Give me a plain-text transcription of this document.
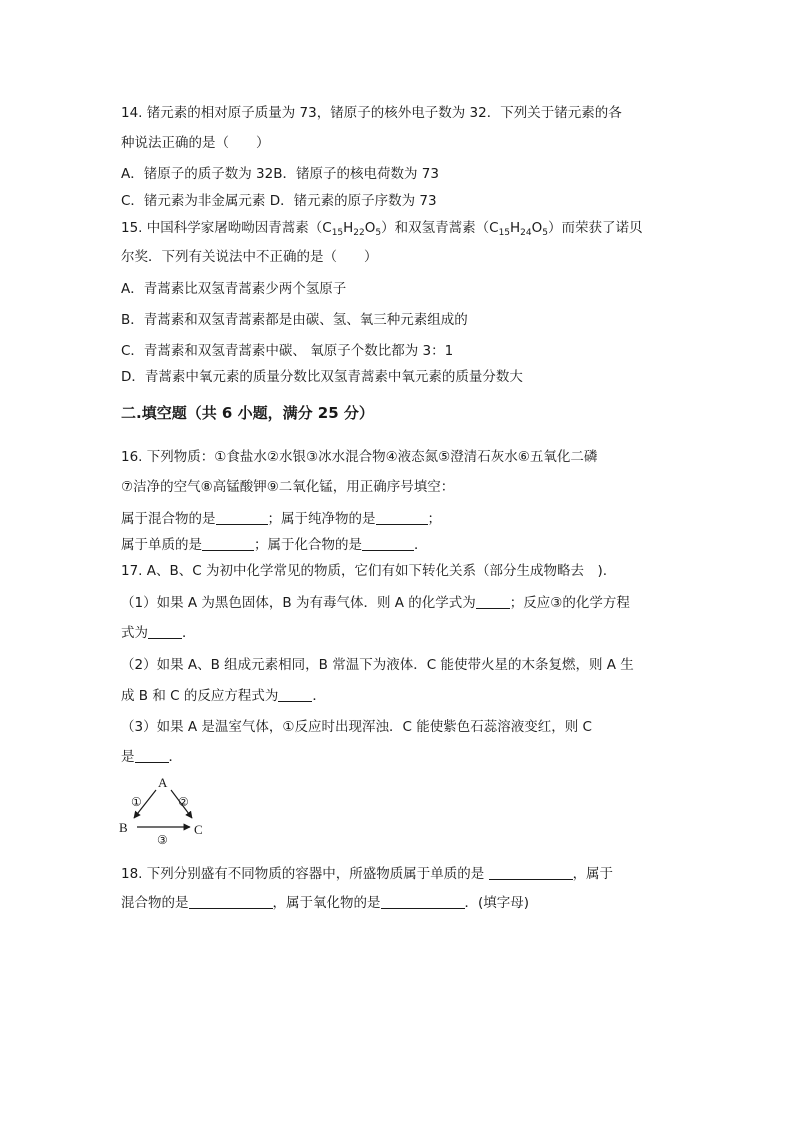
14. 锗元素的相对原子质量为 73，锗原子的核外电子数为 32．下列关于锗元素的各
种说法正确的是（　　）
A．锗原子的质子数为 32B．锗原子的核电荷数为 73
C．锗元素为非金属元素 D．锗元素的原子序数为 73
15. 中国科学家屠呦呦因青蒿素$(C_{15}H_{22}O_5)$和双氢青蒿素$(C_{15}H_{24}O_5)$而荣获了诺贝
尔奖．下列有关说法中不正确的是（　　）
A．青蒿素比双氢青蒿素少两个氢原子
B．青蒿素和双氢青蒿素都是由碳、氢、氧三种元素组成的
C．青蒿素和双氢青蒿素中碳、 氧原子个数比都为 3：1
D．青蒿素中氧元素的质量分数比双氢青蒿素中氧元素的质量分数大
二.填空题（共 6 小题，满分 25 分）
16. 下列物质：①食盐水②水银③冰水混合物④液态氮⑤澄清石灰水⑥五氧化二磷
⑦洁净的空气⑧高锰酸钾⑨二氧化锰，用正确序号填空：
属于混合物的是	；属于纯净物的是	；
属于单质的是	；属于化合物的是	．
17. A、B、C 为初中化学常见的物质，它们有如下转化关系（部分生成物略去　).
（1）如果 A 为黑色固体，B 为有毒气体．则 A 的化学式为	；反应③的化学方程
式为	．
（2）如果 A、B 组成元素相同，B 常温下为液体．C 能使带火星的木条复燃，则 A 生
成 B 和 C 的反应方程式为	．
（3）如果 A 是温室气体，①反应时出现浑浊．C 能使紫色石蕊溶液变红，则 C
是	．
A
B	C
①	②
③
18. 下列分别盛有不同物质的容器中，所盛物质属于单质的是	，属于
混合物的是	，属于氧化物的是	．(填字母)
